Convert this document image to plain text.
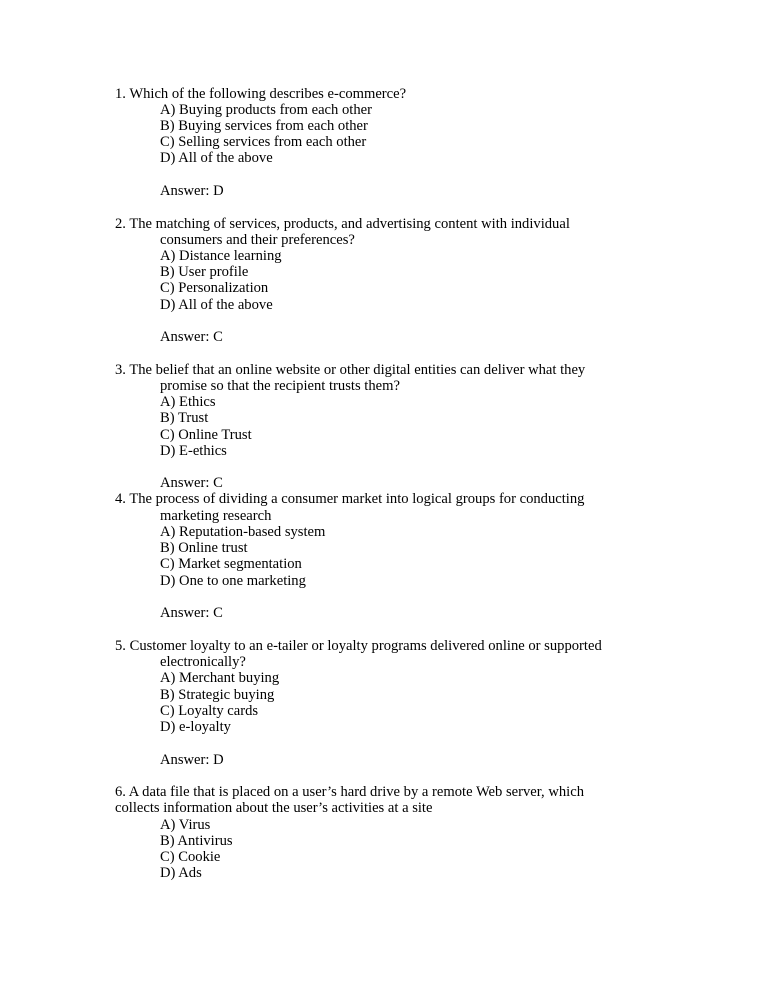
1. Which of the following describes e-commerce?
A) Buying products from each other
B) Buying services from each other
C) Selling services from each other
D) All of the above
Answer: D
2. The matching of services, products, and advertising content with individual
consumers and their preferences?
A) Distance learning
B) User profile
C) Personalization
D) All of the above
Answer: C
3. The belief that an online website or other digital entities can deliver what they
promise so that the recipient trusts them?
A) Ethics
B) Trust
C) Online Trust
D) E-ethics
Answer: C
4. The process of dividing a consumer market into logical groups for conducting
marketing research
A) Reputation-based system
B) Online trust
C) Market segmentation
D) One to one marketing
Answer: C
5. Customer loyalty to an e-tailer or loyalty programs delivered online or supported
electronically?
A) Merchant buying
B) Strategic buying
C) Loyalty cards
D) e-loyalty
Answer: D
6. A data file that is placed on a user’s hard drive by a remote Web server, which
collects information about the user’s activities at a site
A) Virus
B) Antivirus
C) Cookie
D) Ads
